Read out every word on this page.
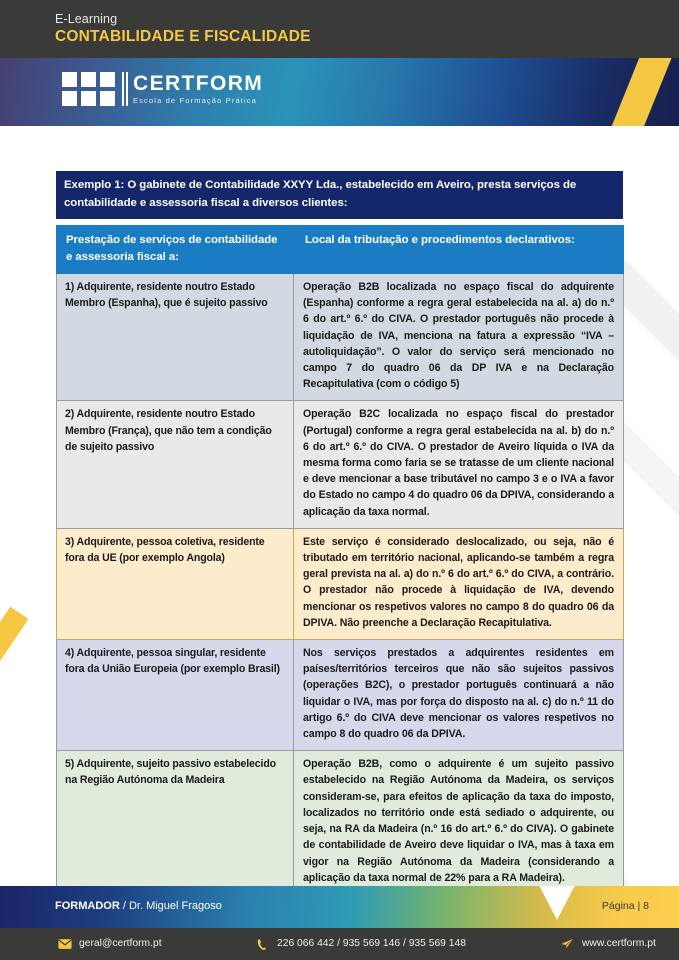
E-Learning
CONTABILIDADE E FISCALIDADE
CERTFORM
Escola de Formação Prática
Exemplo 1: O gabinete de Contabilidade XXYY Lda., estabelecido em Aveiro, presta serviços de contabilidade e assessoria fiscal a diversos clientes:
Prestação de serviços de contabilidade e assessoria fiscal a:	Local da tributação e procedimentos declarativos:
1) Adquirente, residente noutro Estado Membro (Espanha), que é sujeito passivo	Operação B2B localizada no espaço fiscal do adquirente (Espanha) conforme a regra geral estabelecida na al. a) do n.º 6 do art.º 6.º do CIVA. O prestador português não procede à liquidação de IVA, menciona na fatura a expressão “IVA – autoliquidação”. O valor do serviço será mencionado no campo 7 do quadro 06 da DP IVA e na Declaração Recapitulativa (com o código 5)
2) Adquirente, residente noutro Estado Membro (França), que não tem a condição de sujeito passivo	Operação B2C localizada no espaço fiscal do prestador (Portugal) conforme a regra geral estabelecida na al. b) do n.º 6 do art.º 6.º do CIVA. O prestador de Aveiro líquida o IVA da mesma forma como faria se se tratasse de um cliente nacional e deve mencionar a base tributável no campo 3 e o IVA a favor do Estado no campo 4 do quadro 06 da DPIVA, considerando a aplicação da taxa normal.
3) Adquirente, pessoa coletiva, residente fora da UE (por exemplo Angola)	Este serviço é considerado deslocalizado, ou seja, não é tributado em território nacional, aplicando-se também a regra geral prevista na al. a) do n.º 6 do art.º 6.º do CIVA, a contrário. O prestador não procede à liquidação de IVA, devendo mencionar os respetivos valores no campo 8 do quadro 06 da DPIVA. Não preenche a Declaração Recapitulativa.
4) Adquirente, pessoa singular, residente fora da União Europeia (por exemplo Brasil)	Nos serviços prestados a adquirentes residentes em países/territórios terceiros que não são sujeitos passivos (operações B2C), o prestador português continuará a não liquidar o IVA, mas por força do disposto na al. c) do n.º 11 do artigo 6.º do CIVA deve mencionar os valores respetivos no campo 8 do quadro 06 da DPIVA.
5) Adquirente, sujeito passivo estabelecido na Região Autónoma da Madeira	Operação B2B, como o adquirente é um sujeito passivo estabelecido na Região Autónoma da Madeira, os serviços consideram-se, para efeitos de aplicação da taxa do imposto, localizados no território onde está sediado o adquirente, ou seja, na RA da Madeira (n.º 16 do art.º 6.º do CIVA). O gabinete de contabilidade de Aveiro deve liquidar o IVA, mas à taxa em vigor na Região Autónoma da Madeira (considerando a aplicação da taxa normal de 22% para a RA Madeira).
FORMADOR / Dr. Miguel Fragoso	Página | 8
geral@certform.pt	226 066 442 / 935 569 146 / 935 569 148	www.certform.pt
